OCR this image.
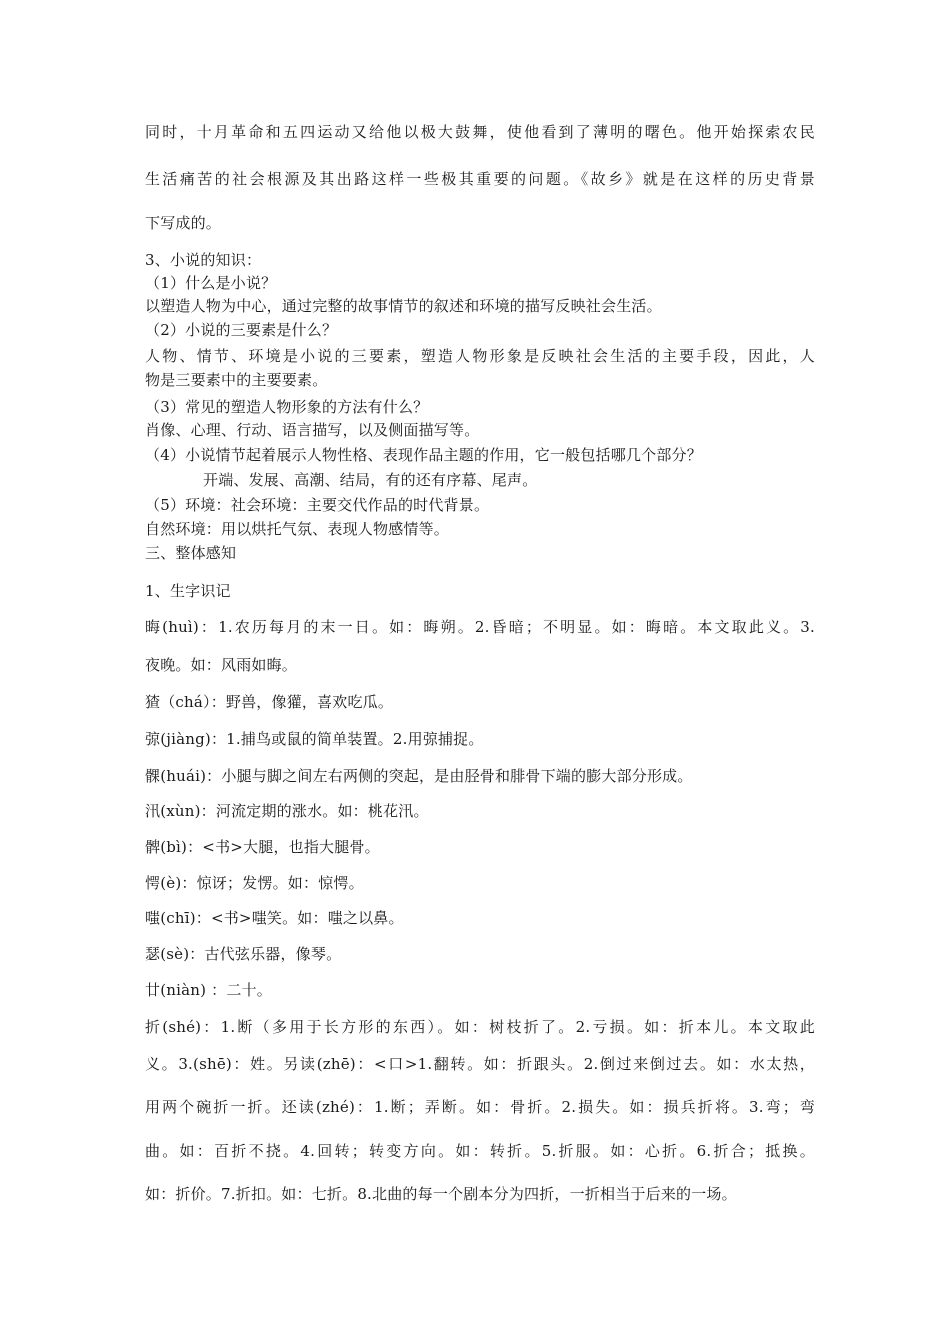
同时，十月革命和五四运动又给他以极大鼓舞，使他看到了薄明的曙色。他开始探索农民
生活痛苦的社会根源及其出路这样一些极其重要的问题。《故乡》就是在这样的历史背景
下写成的。
3、小说的知识：
（1）什么是小说？
以塑造人物为中心，通过完整的故事情节的叙述和环境的描写反映社会生活。
（2）小说的三要素是什么？
人物、情节、环境是小说的三要素，塑造人物形象是反映社会生活的主要手段，因此，人
物是三要素中的主要要素。
（3）常见的塑造人物形象的方法有什么？
肖像、心理、行动、语言描写，以及侧面描写等。
（4）小说情节起着展示人物性格、表现作品主题的作用，它一般包括哪几个部分？
开端、发展、高潮、结局，有的还有序幕、尾声。
（5）环境：社会环境：主要交代作品的时代背景。
自然环境：用以烘托气氛、表现人物感情等。
三、整体感知
1、生字识记
晦(huì)：1.农历每月的末一日。如：晦朔。2.昏暗；不明显。如：晦暗。本文取此义。3.
夜晚。如：风雨如晦。
猹（chá）：野兽，像獾，喜欢吃瓜。
弶(jiàng)：1.捕鸟或鼠的简单装置。2.用弶捕捉。
髁(huái)：小腿与脚之间左右两侧的突起，是由胫骨和腓骨下端的膨大部分形成。
汛(xùn)：河流定期的涨水。如：桃花汛。
髀(bì)：<书>大腿，也指大腿骨。
愕(è)：惊讶；发愣。如：惊愕。
嗤(chī)：<书>嗤笑。如：嗤之以鼻。
瑟(sè)：古代弦乐器，像琴。
廿(niàn) ：二十。
折(shé)：1.断（多用于长方形的东西）。如：树枝折了。2.亏损。如：折本儿。本文取此
义。3.(shē)：姓。另读(zhē)：<口>1.翻转。如：折跟头。2.倒过来倒过去。如：水太热，
用两个碗折一折。还读(zhé)：1.断；弄断。如：骨折。2.损失。如：损兵折将。3.弯；弯
曲。如：百折不挠。4.回转；转变方向。如：转折。5.折服。如：心折。6.折合；抵换。
如：折价。7.折扣。如：七折。8.北曲的每一个剧本分为四折，一折相当于后来的一场。
